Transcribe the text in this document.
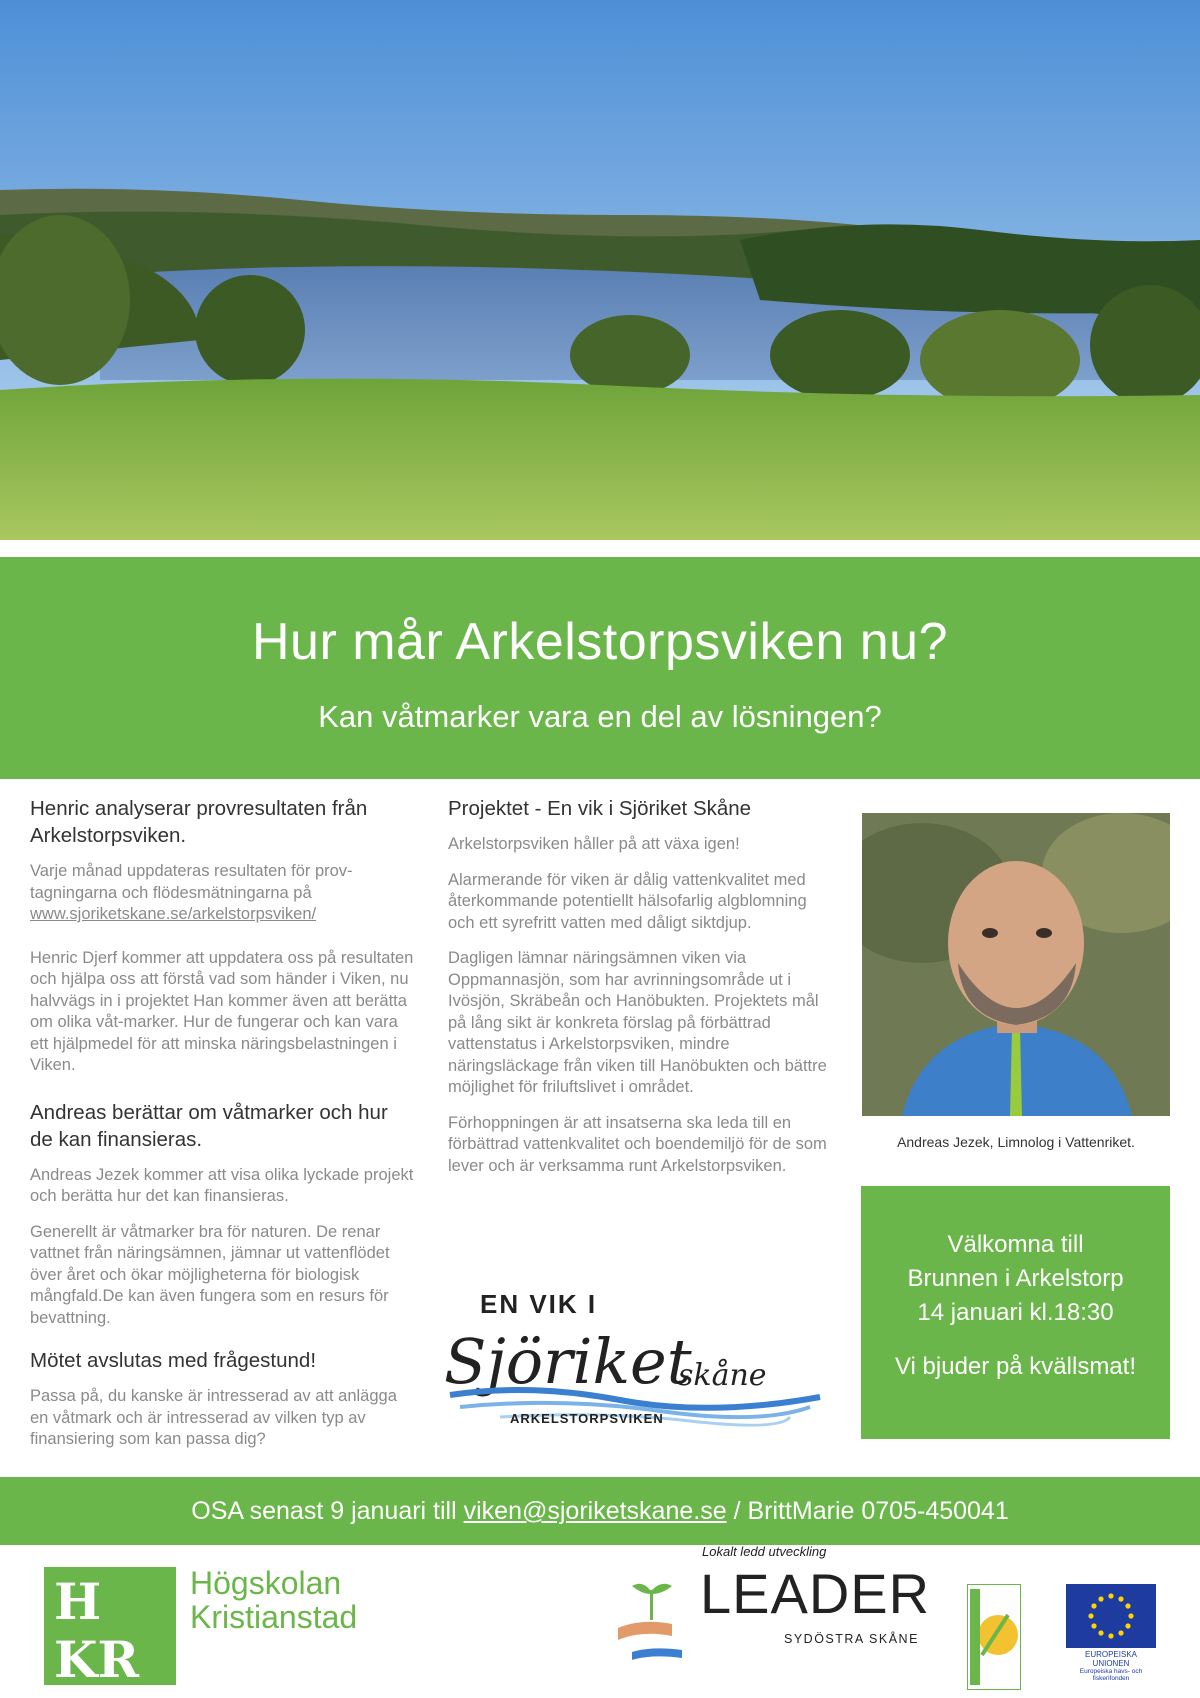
Hur mår Arkelstorpsviken nu?
Kan våtmarker vara en del av lösningen?
Henric analyserar provresultaten från Arkelstorpsviken.

Varje månad uppdateras resultaten för prov-tagningarna och flödesmätningarna på
www.sjoriketskane.se/arkelstorpsviken/

Henric Djerf kommer att uppdatera oss på resultaten och hjälpa oss att förstå vad som händer i Viken, nu halvvägs in i projektet Han kommer även att berätta om olika våt-marker. Hur de fungerar och kan vara ett hjälpmedel för att minska näringsbelastningen i Viken.

Andreas berättar om våtmarker och hur de kan finansieras.

Andreas Jezek kommer att visa olika lyckade projekt och berätta hur det kan finansieras.

Generellt är våtmarker bra för naturen. De renar vattnet från näringsämnen, jämnar ut vattenflödet över året och ökar möjligheterna för biologisk mångfald.De kan även fungera som en resurs för bevattning.

Mötet avslutas med frågestund!

Passa på, du kanske är intresserad av att anlägga en våtmark och är intresserad av vilken typ av finansiering som kan passa dig?

Projektet - En vik i Sjöriket Skåne

Arkelstorpsviken håller på att växa igen!

Alarmerande för viken är dålig vattenkvalitet med återkommande potentiellt hälsofarlig algblomning och ett syrefritt vatten med dåligt siktdjup.

Dagligen lämnar näringsämnen viken via Oppmannasjön, som har avrinningsområde ut i Ivösjön, Skräbeån och Hanöbukten. Projektets mål på lång sikt är konkreta förslag på förbättrad vattenstatus i Arkelstorpsviken, mindre näringsläckage från viken till Hanöbukten och bättre möjlighet för friluftslivet i området.

Förhoppningen är att insatserna ska leda till en förbättrad vattenkvalitet och boendemiljö för de som lever och är verksamma runt Arkelstorpsviken.

EN VIK I
Sjöriket
skåne
ARKELSTORPSVIKEN
Andreas Jezek, Limnolog i Vattenriket.
Välkomna till
Brunnen i Arkelstorp
14 januari kl.18:30
Vi bjuder på kvällsmat!
OSA senast 9 januari till viken@sjoriketskane.se / BrittMarie 0705-450041
H
KR
Högskolan
Kristianstad
Lokalt ledd utveckling
LEADER
SYDÖSTRA SKÅNE
EUROPEISKA UNIONEN
Europeiska havs- och fiskerifonden
